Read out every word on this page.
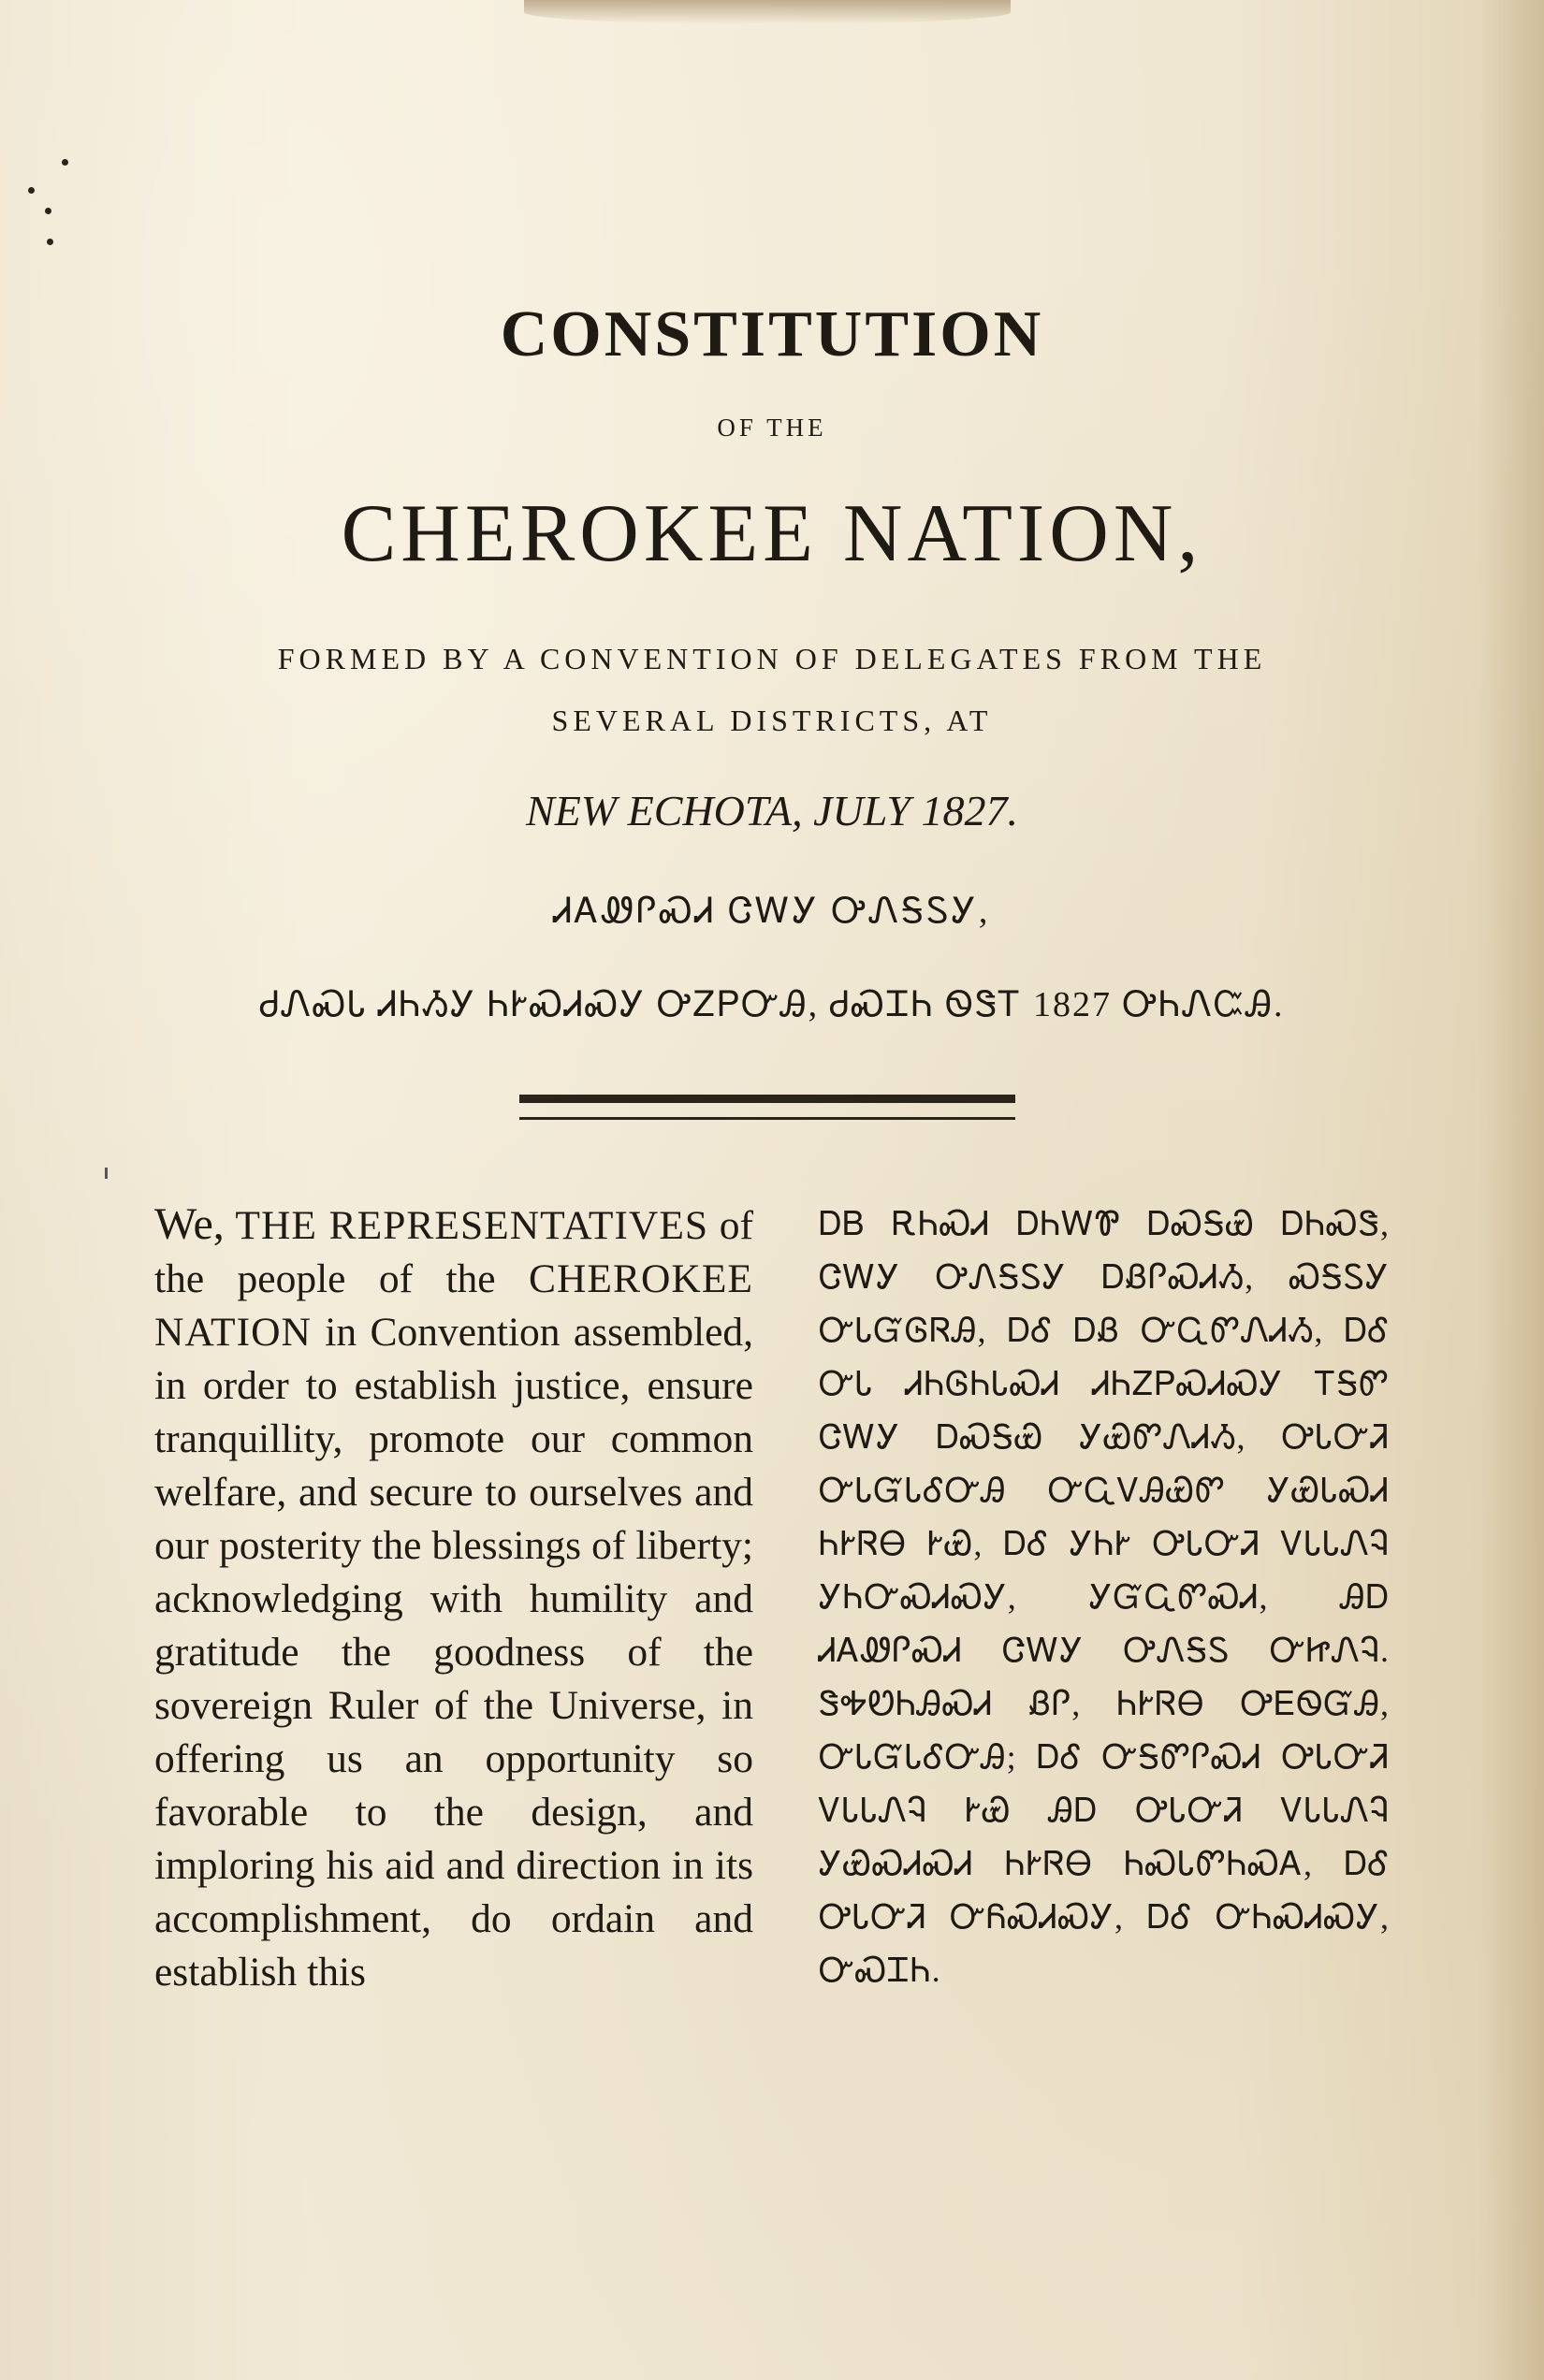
CONSTITUTION
OF THE
CHEROKEE NATION,
FORMED BY A CONVENTION OF DELEGATES FROM THE
SEVERAL DISTRICTS, AT
NEW ECHOTA, JULY 1827.
ᏗᎪᏪᎵᏍᏗ ᏣᎳᎩ ᎤᏁᎦᏚᎩ,
ᏧᏁᏍᏓ ᏗᏂᏱᎩ ᏂᎨᏍᏗᏍᎩ ᎤᏃᏢᏅᎯ, ᏧᏍᏆᏂ ᏫᏕᎢ 1827 ᎤᏂᏁᏨᎯ.
We, THE REPRESENTATIVES of the people of the CHEROKEE NATION in Convention assembled, in order to establish justice, ensure tranquillity, promote our common welfare, and secure to ourselves and our posterity the blessings of liberty; acknowledging with humility and gratitude the goodness of the sovereign Ruler of the Universe, in offering us an opportunity so favorable to the design, and imploring his aid and direction in its accomplishment, do ordain and establish this
ᎠᏴ ᎡᏂᏍᏗ ᎠᏂᎳᏈ ᎠᏍᎦᏯ ᎠᏂᏍᏕ, ᏣᎳᎩ ᎤᏁᎦᏚᎩ ᎠᏰᎵᏍᏗᏱ, ᏍᎦᏚᎩ ᏅᏓᏳᎶᏒᎯ, ᎠᎴ ᎠᏰ ᏅᏩᏛᏁᏗᏱ, ᎠᎴ ᏅᏓ ᏗᏂᎶᏂᏓᏍᏗ ᏗᏂᏃᏢᏍᏗᏍᎩ ᎢᎦᏛ ᏣᎳᎩ ᎠᏍᎦᏯ ᎩᏯᏛᏁᏗᏱ, ᎤᏓᏅᏘ ᏅᏓᏳᏓᎴᏅᎯ ᏅᏩᏙᎯᏯᏛ ᎩᏯᏓᏍᏗ ᏂᎨᏒᎾ ᎨᏯ, ᎠᎴ ᎩᏂᎨ ᎤᏓᏅᏘ ᏙᏓᏓᏁᎸ ᎩᏂᏅᏍᏗᏍᎩ, ᎩᏳᏩᏛᏍᏗ, ᎯᎠ ᏗᎪᏪᎵᏍᏗ ᏣᎳᎩ ᎤᏁᎦᏚ ᏅᏥᏁᎸ. ᏕᎭᏬᏂᎯᏍᏗ ᏰᎵ, ᏂᎨᏒᎾ ᎤᎬᏫᏳᎯ, ᏅᏓᏳᏓᎴᏅᎯ; ᎠᎴ ᏅᎦᏛᎵᏍᏗ ᎤᏓᏅᏘ ᏙᏓᏓᏁᎸ ᎨᏯ ᎯᎠ ᎤᏓᏅᏘ ᏙᏓᏓᏁᎸ ᎩᏯᏍᏗᏍᏗ ᏂᎨᏒᎾ ᏂᏍᏓᏛᏂᏍᎪ, ᎠᎴ ᎤᏓᏅᏘ ᏅᏲᏍᏗᏍᎩ, ᎠᎴ ᏅᏂᏍᏗᏍᎩ, ᏅᏍᏆᏂ.
